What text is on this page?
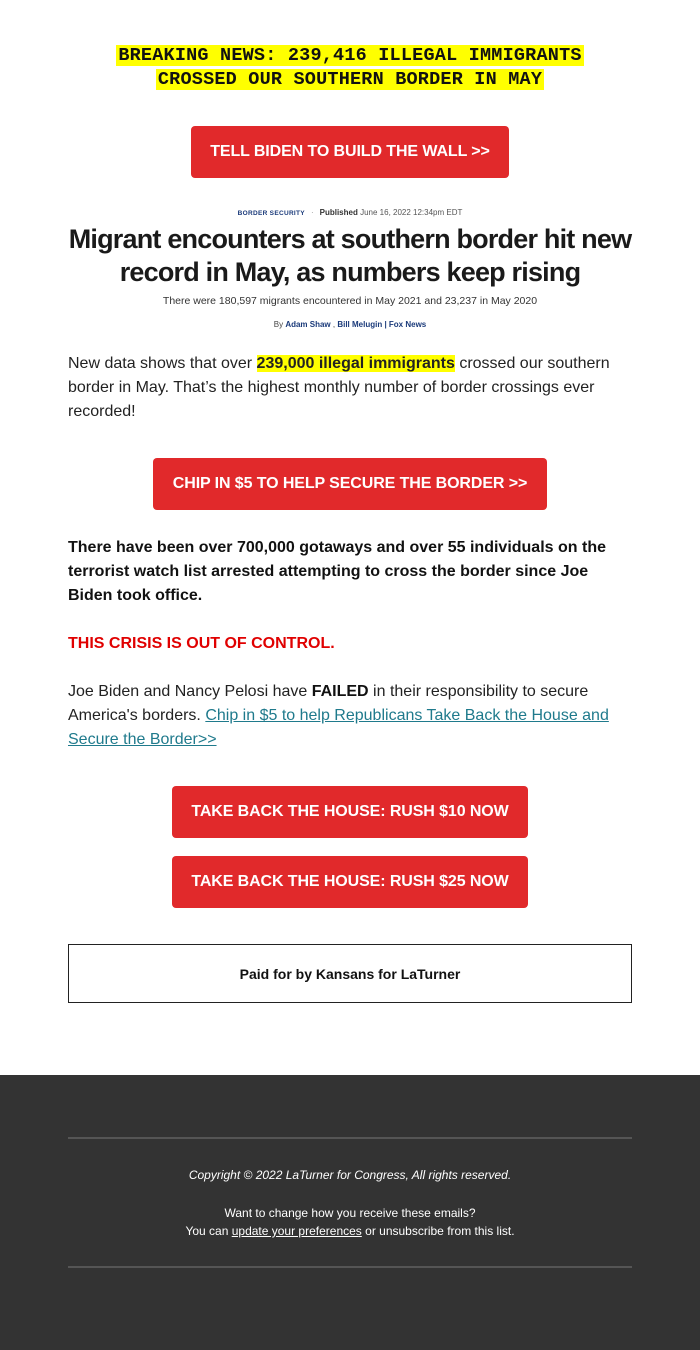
BREAKING NEWS: 239,416 ILLEGAL IMMIGRANTS
CROSSED OUR SOUTHERN BORDER IN MAY
TELL BIDEN TO BUILD THE WALL >>
BORDER SECURITY · Published June 16, 2022 12:34pm EDT
Migrant encounters at southern border hit new record in May, as numbers keep rising
There were 180,597 migrants encountered in May 2021 and 23,237 in May 2020
By Adam Shaw , Bill Melugin | Fox News
New data shows that over 239,000 illegal immigrants crossed our southern border in May. That’s the highest monthly number of border crossings ever recorded!
CHIP IN $5 TO HELP SECURE THE BORDER >>
There have been over 700,000 gotaways and over 55 individuals on the terrorist watch list arrested attempting to cross the border since Joe Biden took office.
THIS CRISIS IS OUT OF CONTROL.
Joe Biden and Nancy Pelosi have FAILED in their responsibility to secure America's borders. Chip in $5 to help Republicans Take Back the House and Secure the Border>>
TAKE BACK THE HOUSE: RUSH $10 NOW
TAKE BACK THE HOUSE: RUSH $25 NOW
Paid for by Kansans for LaTurner
Copyright © 2022 LaTurner for Congress, All rights reserved.
Want to change how you receive these emails?
You can update your preferences or unsubscribe from this list.
